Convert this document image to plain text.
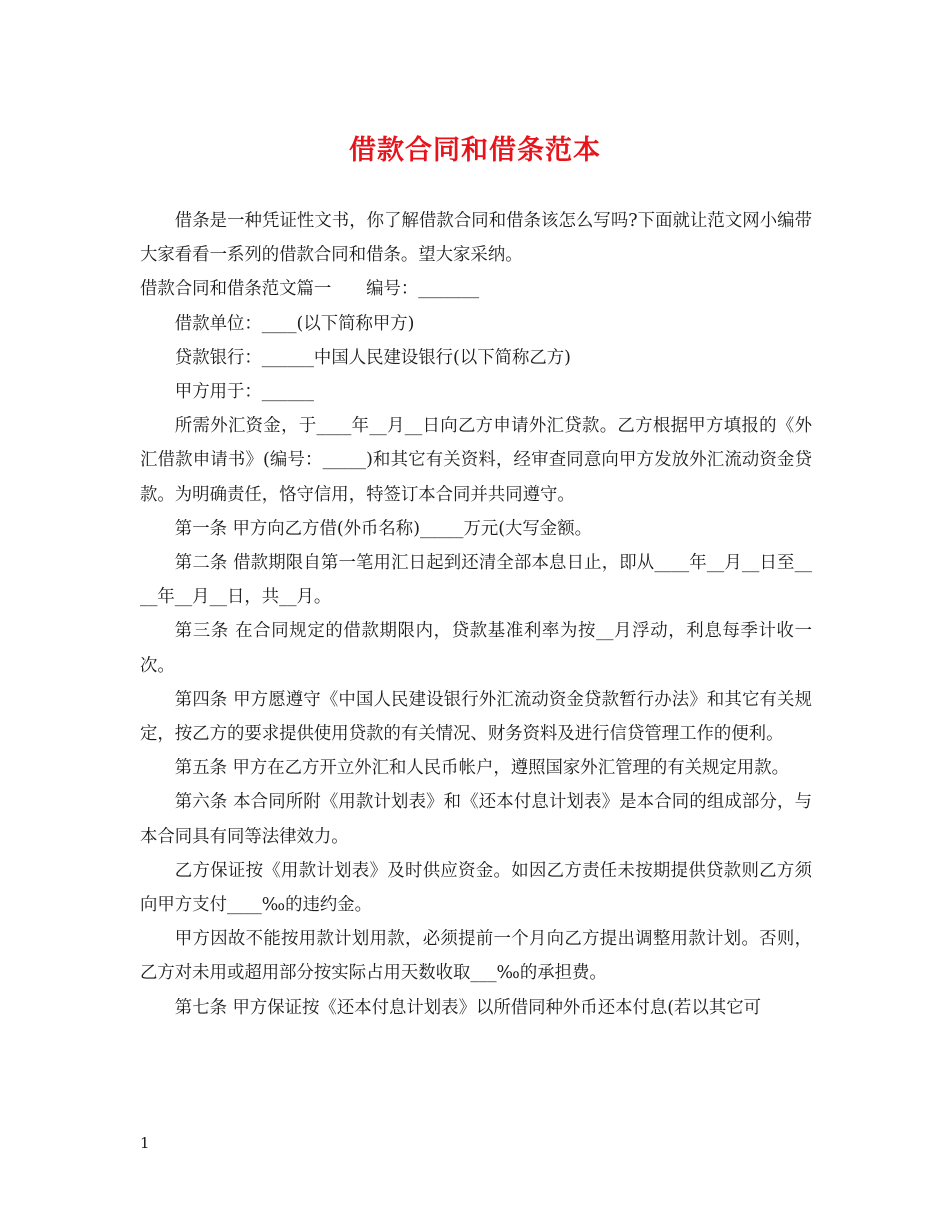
借款合同和借条范本

借条是一种凭证性文书，你了解借款合同和借条该怎么写吗?下面就让范文网小编带大家看看一系列的借款合同和借条。望大家采纳。

借款合同和借条范文篇一　　编号：_______

借款单位：____(以下简称甲方)

贷款银行：______中国人民建设银行(以下简称乙方)

甲方用于：______

所需外汇资金，于____年__月__日向乙方申请外汇贷款。乙方根据甲方填报的《外汇借款申请书》(编号：_____)和其它有关资料，经审查同意向甲方发放外汇流动资金贷款。为明确责任，恪守信用，特签订本合同并共同遵守。

第一条 甲方向乙方借(外币名称)_____万元(大写金额。

第二条 借款期限自第一笔用汇日起到还清全部本息日止，即从____年__月__日至____年__月__日，共__月。

第三条 在合同规定的借款期限内，贷款基准利率为按__月浮动，利息每季计收一次。

第四条 甲方愿遵守《中国人民建设银行外汇流动资金贷款暂行办法》和其它有关规定，按乙方的要求提供使用贷款的有关情况、财务资料及进行信贷管理工作的便利。

第五条 甲方在乙方开立外汇和人民币帐户，遵照国家外汇管理的有关规定用款。

第六条 本合同所附《用款计划表》和《还本付息计划表》是本合同的组成部分，与本合同具有同等法律效力。

乙方保证按《用款计划表》及时供应资金。如因乙方责任未按期提供贷款则乙方须向甲方支付____‰的违约金。

甲方因故不能按用款计划用款，必须提前一个月向乙方提出调整用款计划。否则，乙方对未用或超用部分按实际占用天数收取___‰的承担费。

第七条 甲方保证按《还本付息计划表》以所借同种外币还本付息(若以其它可

1
